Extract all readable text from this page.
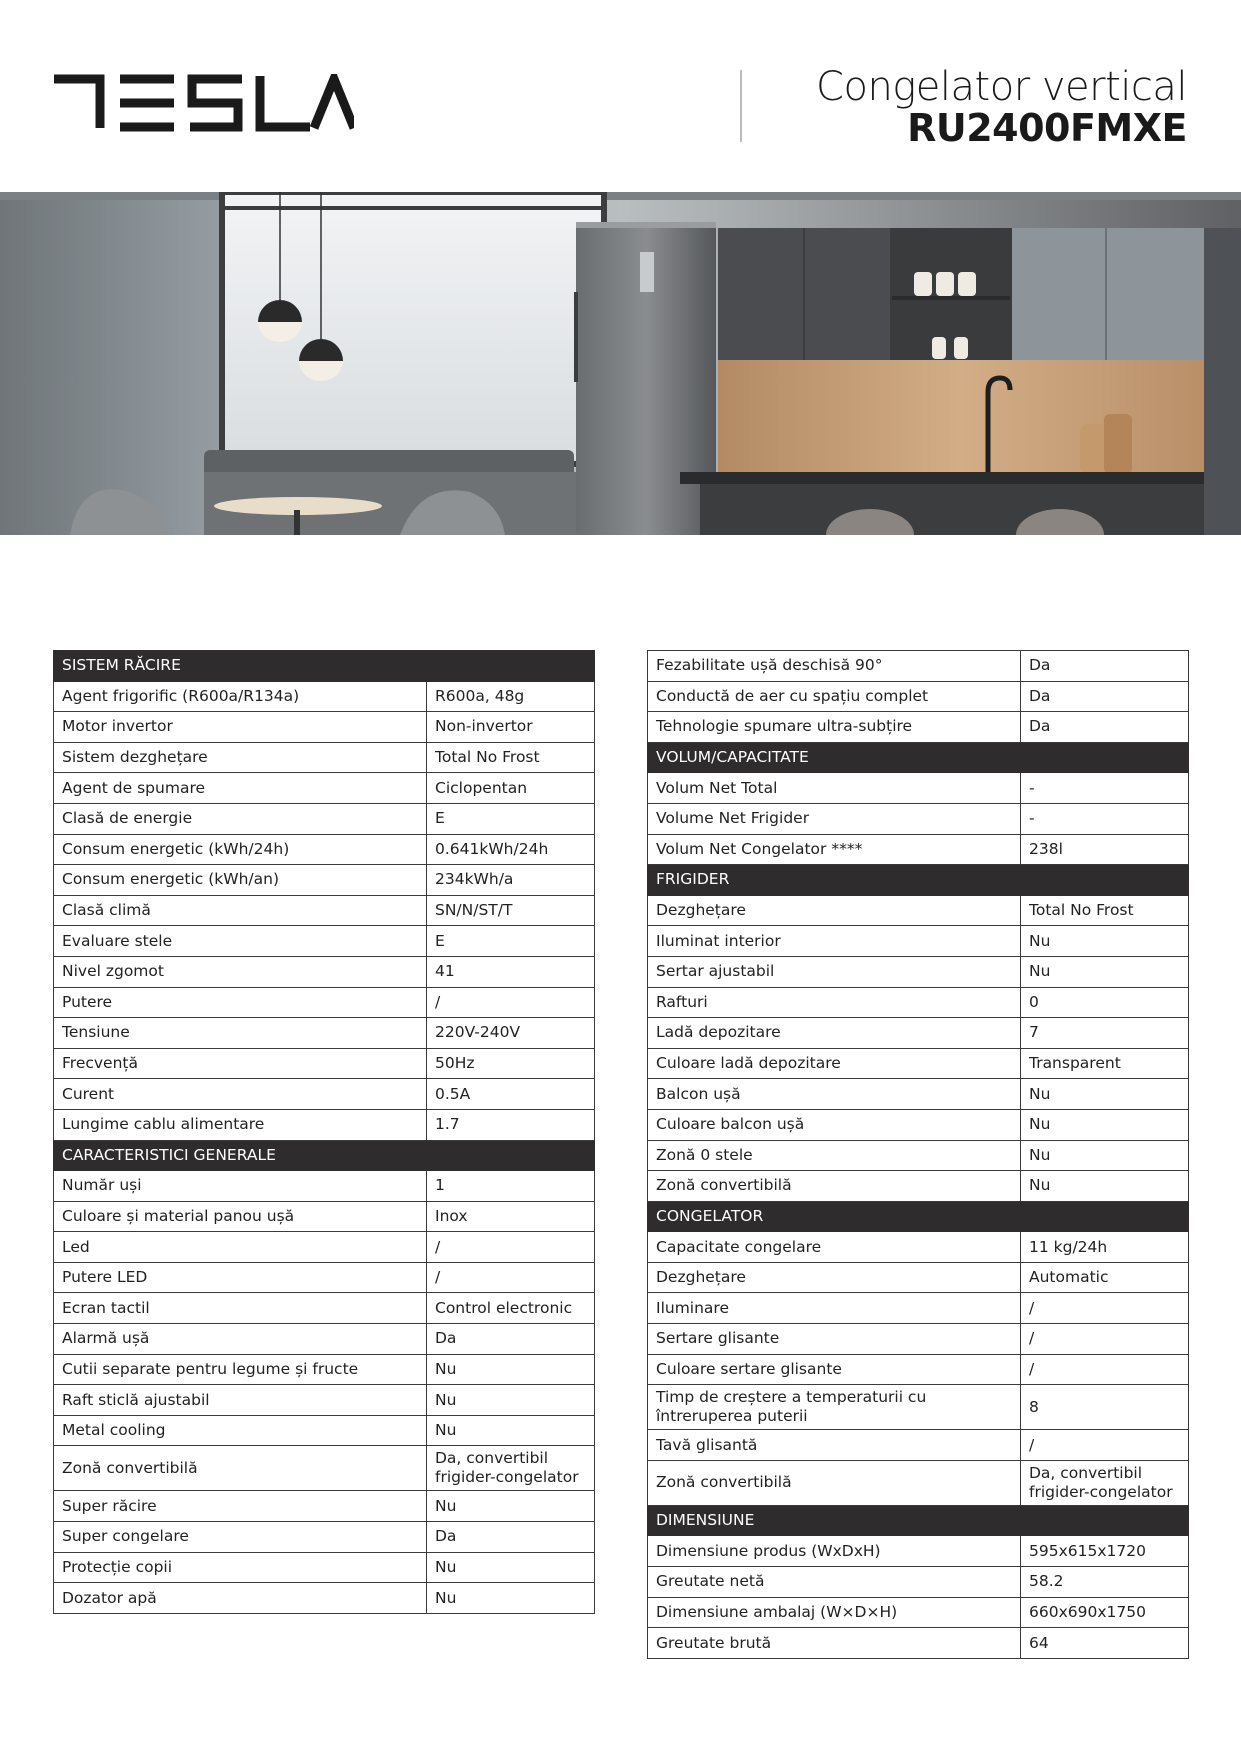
Congelator vertical
RU2400FMXE
SISTEM RĂCIRE	
Agent frigorific (R600a/R134a)	R600a, 48g
Motor invertor	Non-invertor
Sistem dezghețare	Total No Frost
Agent de spumare	Ciclopentan
Clasă de energie	E
Consum energetic (kWh/24h)	0.641kWh/24h
Consum energetic (kWh/an)	234kWh/a
Clasă climă	SN/N/ST/T
Evaluare stele	E
Nivel zgomot	41
Putere	/
Tensiune	220V-240V
Frecvență	50Hz
Curent	0.5A
Lungime cablu alimentare	1.7
CARACTERISTICI GENERALE	
Număr uși	1
Culoare și material panou ușă	Inox
Led	/
Putere LED	/
Ecran tactil	Control electronic
Alarmă ușă	Da
Cutii separate pentru legume și fructe	Nu
Raft sticlă ajustabil	Nu
Metal cooling	Nu
Zonă convertibilă	Da, convertibil frigider-congelator
Super răcire	Nu
Super congelare	Da
Protecție copii	Nu
Dozator apă	Nu
Fezabilitate ușă deschisă 90°	Da
Conductă de aer cu spațiu complet	Da
Tehnologie spumare ultra-subțire	Da
VOLUM/CAPACITATE	
Volum Net Total	-
Volume Net Frigider	-
Volum Net Congelator ****	238l
FRIGIDER	
Dezghețare	Total No Frost
Iluminat interior	Nu
Sertar ajustabil	Nu
Rafturi	0
Ladă depozitare	7
Culoare ladă depozitare	Transparent
Balcon ușă	Nu
Culoare balcon ușă	Nu
Zonă 0 stele	Nu
Zonă convertibilă	Nu
CONGELATOR	
Capacitate congelare	11 kg/24h
Dezghețare	Automatic
Iluminare	/
Sertare glisante	/
Culoare sertare glisante	/
Timp de creștere a temperaturii cu întreruperea puterii	8
Tavă glisantă	/
Zonă convertibilă	Da, convertibil frigider-congelator
DIMENSIUNE	
Dimensiune produs (WxDxH)	595x615x1720
Greutate netă	58.2
Dimensiune ambalaj (W×D×H)	660x690x1750
Greutate brută	64
